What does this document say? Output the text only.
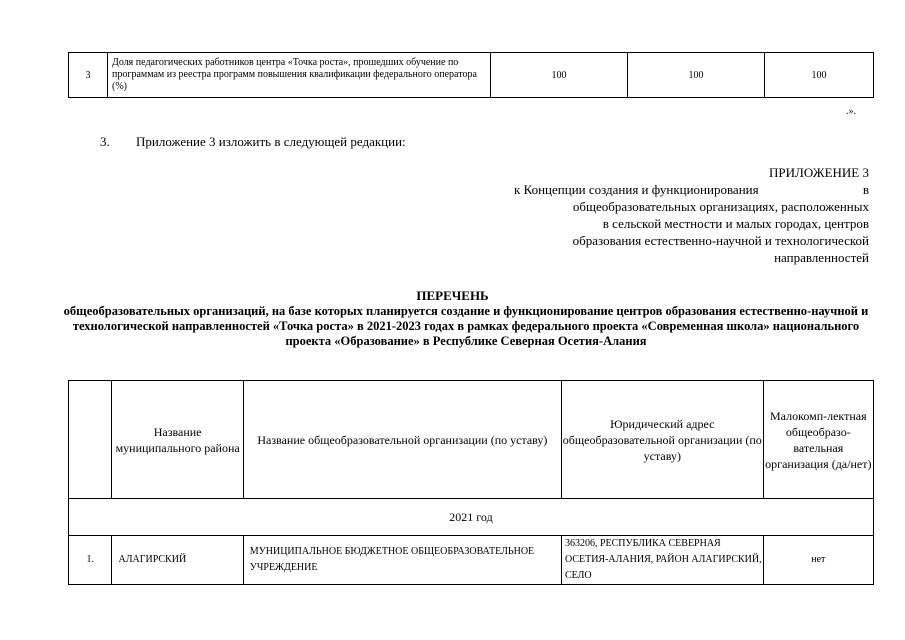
3	Доля педагогических работников центра «Точка роста», прошедших обучение по программам из реестра программ повышения квалификации федерального оператора (%)	100	100	100
.».
3. Приложение 3 изложить в следующей редакции:
ПРИЛОЖЕНИЕ 3
к Концепции создания и функционирования	в
общеобразовательных организациях, расположенных
в сельской местности и малых городах, центров
образования естественно-научной и технологической
направленностей
ПЕРЕЧЕНЬ
общеобразовательных организаций, на базе которых планируется создание и функционирование центров образования естественно-научной и технологической направленностей «Точка роста» в 2021-2023 годах в рамках федерального проекта «Современная школа» национального проекта «Образование» в Республике Северная Осетия-Алания
	Название муниципального района	Название общеобразовательной организации (по уставу)	Юридический адрес общеобразовательной организации (по уставу)	Малокомп-лектная общеобразо-вательная организация (да/нет)
2021 год				
1.	АЛАГИРСКИЙ	МУНИЦИПАЛЬНОЕ БЮДЖЕТНОЕ ОБЩЕОБРАЗОВАТЕЛЬНОЕ УЧРЕЖДЕНИЕ	363206, РЕСПУБЛИКА СЕВЕРНАЯ ОСЕТИЯ-АЛАНИЯ, РАЙОН АЛАГИРСКИЙ, СЕЛО	нет
